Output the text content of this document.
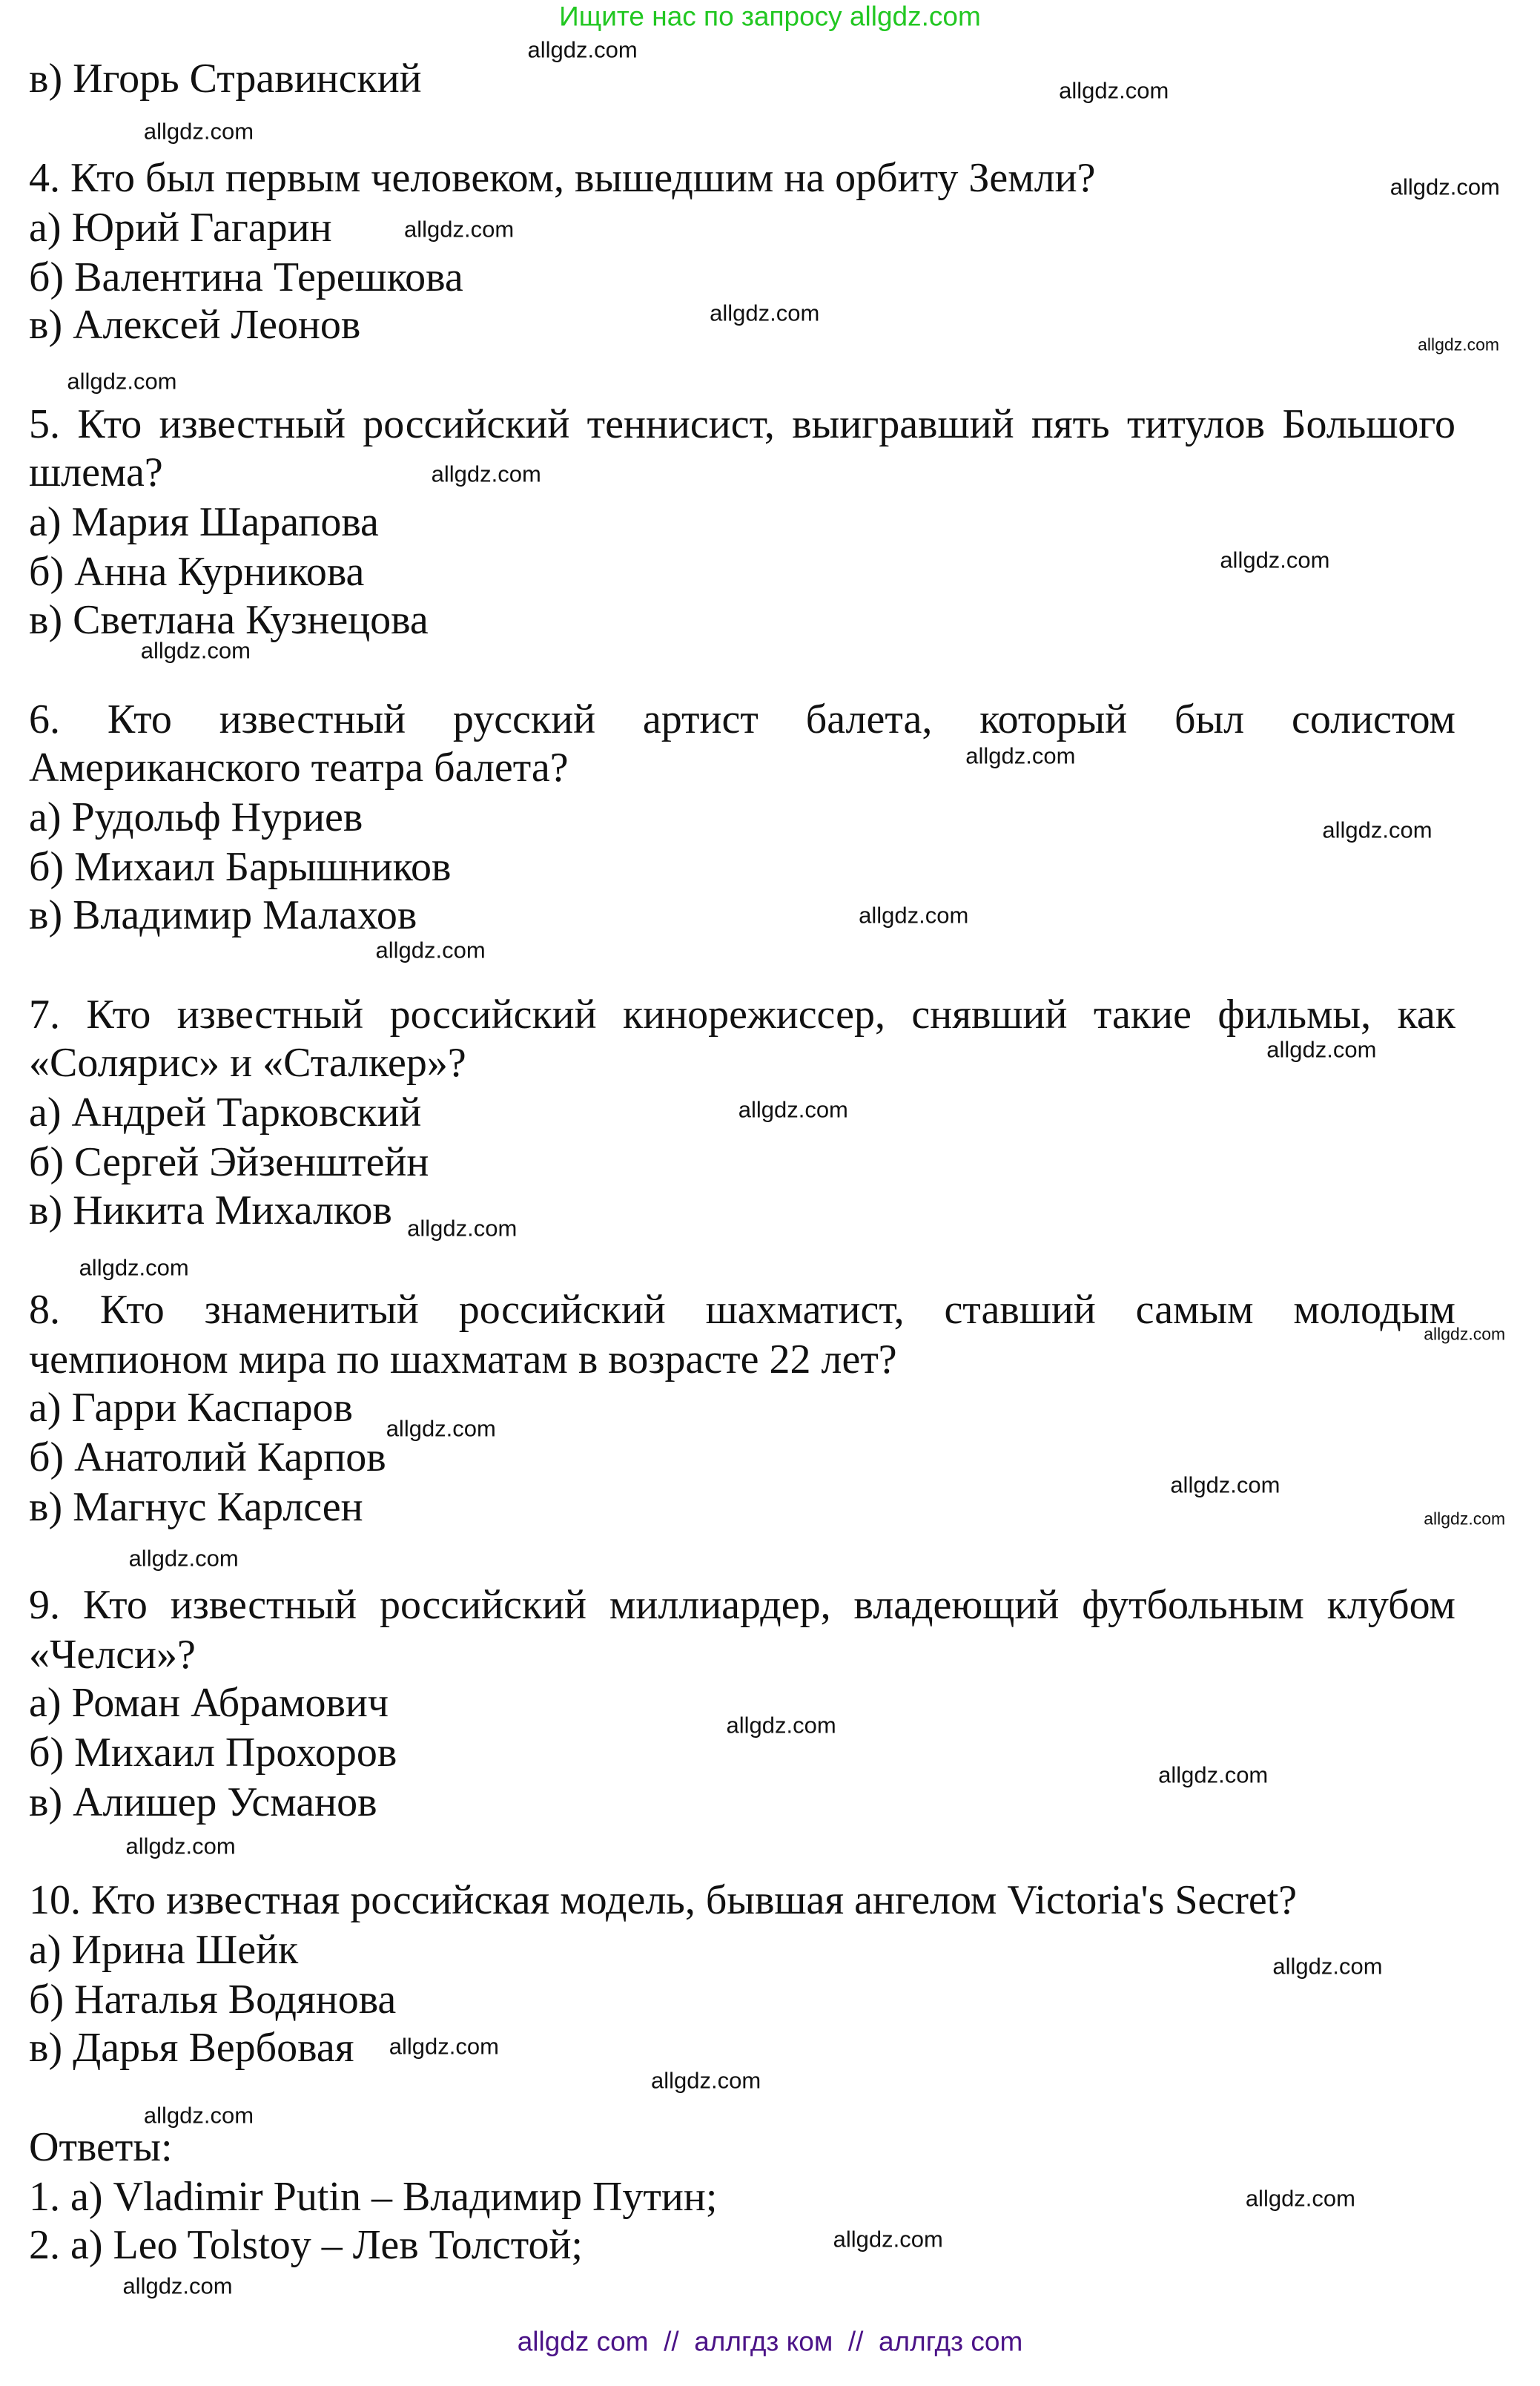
Ищите нас по запросу allgdz.com
в) Игорь Стравинский
4. Кто был первым человеком, вышедшим на орбиту Земли?
а) Юрий Гагарин
б) Валентина Терешкова
в) Алексей Леонов
5. Кто известный российский теннисист, выигравший пять титулов Большого
шлема?
а) Мария Шарапова
б) Анна Курникова
в) Светлана Кузнецова
6. Кто известный русский артист балета, который был солистом
Американского театра балета?
а) Рудольф Нуриев
б) Михаил Барышников
в) Владимир Малахов
7. Кто известный российский кинорежиссер, снявший такие фильмы, как
«Солярис» и «Сталкер»?
а) Андрей Тарковский
б) Сергей Эйзенштейн
в) Никита Михалков
8. Кто знаменитый российский шахматист, ставший самым молодым
чемпионом мира по шахматам в возрасте 22 лет?
а) Гарри Каспаров
б) Анатолий Карпов
в) Магнус Карлсен
9. Кто известный российский миллиардер, владеющий футбольным клубом
«Челси»?
а) Роман Абрамович
б) Михаил Прохоров
в) Алишер Усманов
10. Кто известная российская модель, бывшая ангелом Victoria's Secret?
а) Ирина Шейк
б) Наталья Водянова
в) Дарья Вербовая
Ответы:
1. а) Vladimir Putin – Владимир Путин;
2. а) Leo Tolstoy – Лев Толстой;
allgdz.com
allgdz.com
allgdz.com
allgdz.com
allgdz.com
allgdz.com
allgdz.com
allgdz.com
allgdz.com
allgdz.com
allgdz.com
allgdz.com
allgdz.com
allgdz.com
allgdz.com
allgdz.com
allgdz.com
allgdz.com
allgdz.com
allgdz.com
allgdz.com
allgdz.com
allgdz.com
allgdz.com
allgdz.com
allgdz.com
allgdz.com
allgdz.com
allgdz.com
allgdz.com
allgdz.com
allgdz.com
allgdz.com
allgdz.com
allgdz com  //  аллгдз ком  //  аллгдз com
